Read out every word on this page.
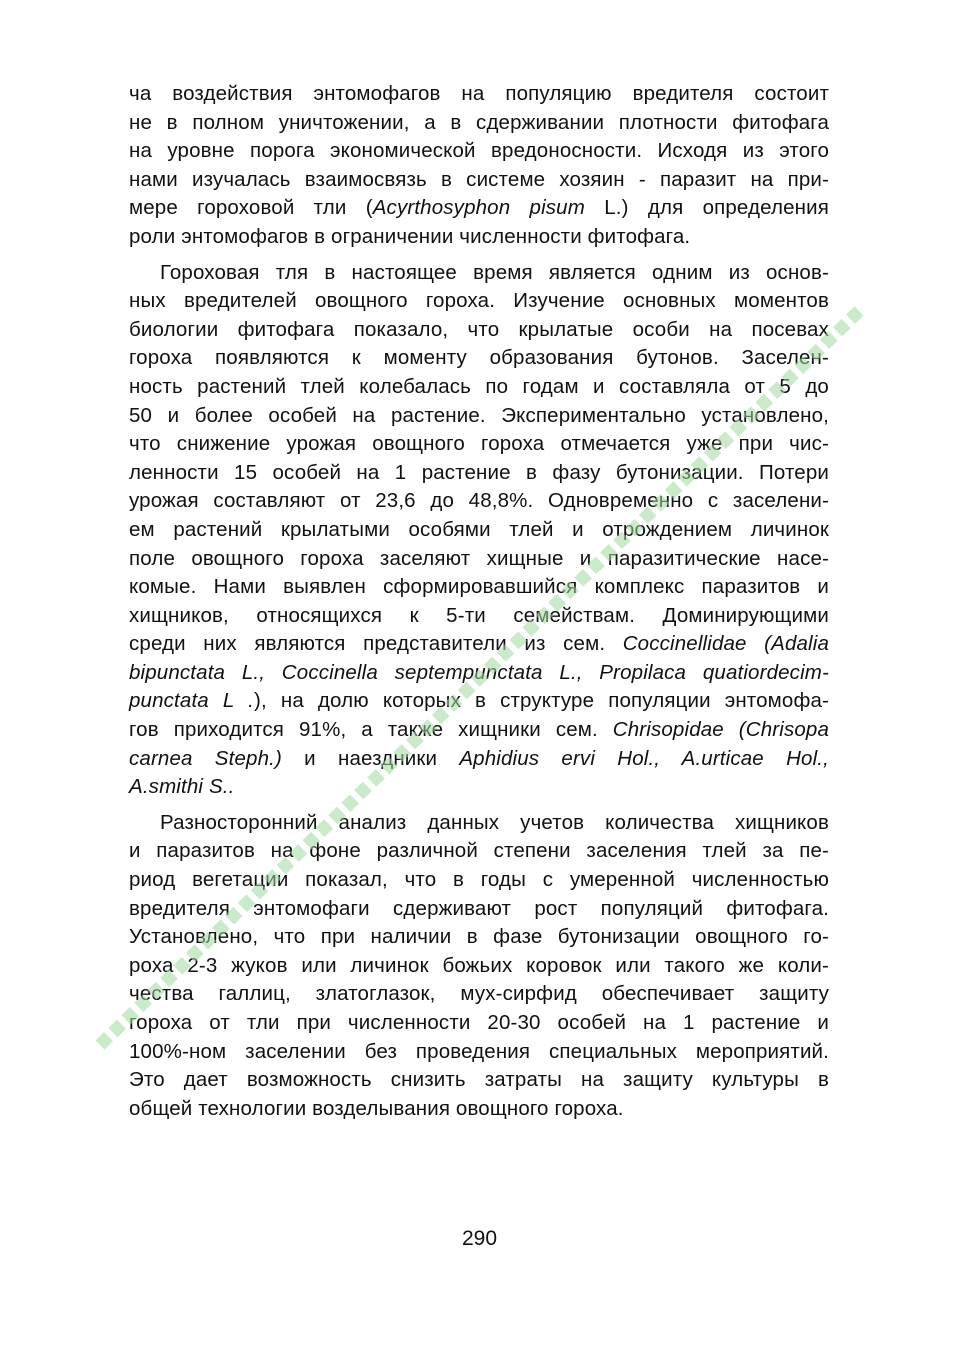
ча воздействия энтомофагов на популяцию вредителя состоит
не в полном уничтожении, а в сдерживании плотности фитофага
на уровне порога экономической вредоносности. Исходя из этого
нами изучалась взаимосвязь в системе хозяин - паразит на при-
мере гороховой тли (Acyrthosyphon pisum L.) для определения
роли энтомофагов в ограничении численности фитофага.
Гороховая тля в настоящее время является одним из основ-
ных вредителей овощного гороха. Изучение основных моментов
биологии фитофага показало, что крылатые особи на посевах
гороха появляются к моменту образования бутонов. Заселен-
ность растений тлей колебалась по годам и составляла от 5 до
50 и более особей на растение. Экспериментально установлено,
что снижение урожая овощного гороха отмечается уже при чис-
ленности 15 особей на 1 растение в фазу бутонизации. Потери
урожая составляют от 23,6 до 48,8%. Одновременно с заселени-
ем растений крылатыми особями тлей и отрождением личинок
поле овощного гороха заселяют хищные и паразитические насе-
комые. Нами выявлен сформировавшийся комплекс паразитов и
хищников, относящихся к 5-ти семействам. Доминирующими
среди них являются представители из сем. Coccinellidae (Adalia
bipunctata L., Coccinella septempunctata L., Propilaca quatiordecim-
punctata L .), на долю которых в структуре популяции энтомофа-
гов приходится 91%, а также хищники сем. Chrisopidae (Chrisopa
carnea Steph.) и наездники Aphidius ervi Hol., A.urticae Hol.,
A.smithi S..
Разносторонний анализ данных учетов количества хищников
и паразитов на фоне различной степени заселения тлей за пе-
риод вегетации показал, что в годы с умеренной численностью
вредителя энтомофаги сдерживают рост популяций фитофага.
Установлено, что при наличии в фазе бутонизации овощного го-
роха 2-3 жуков или личинок божьих коровок или такого же коли-
чества галлиц, златоглазок, мух-сирфид обеспечивает защиту
гороха от тли при численности 20-30 особей на 1 растение и
100%-ном заселении без проведения специальных мероприятий.
Это дает возможность снизить затраты на защиту культуры в
общей технологии возделывания овощного гороха.
290
